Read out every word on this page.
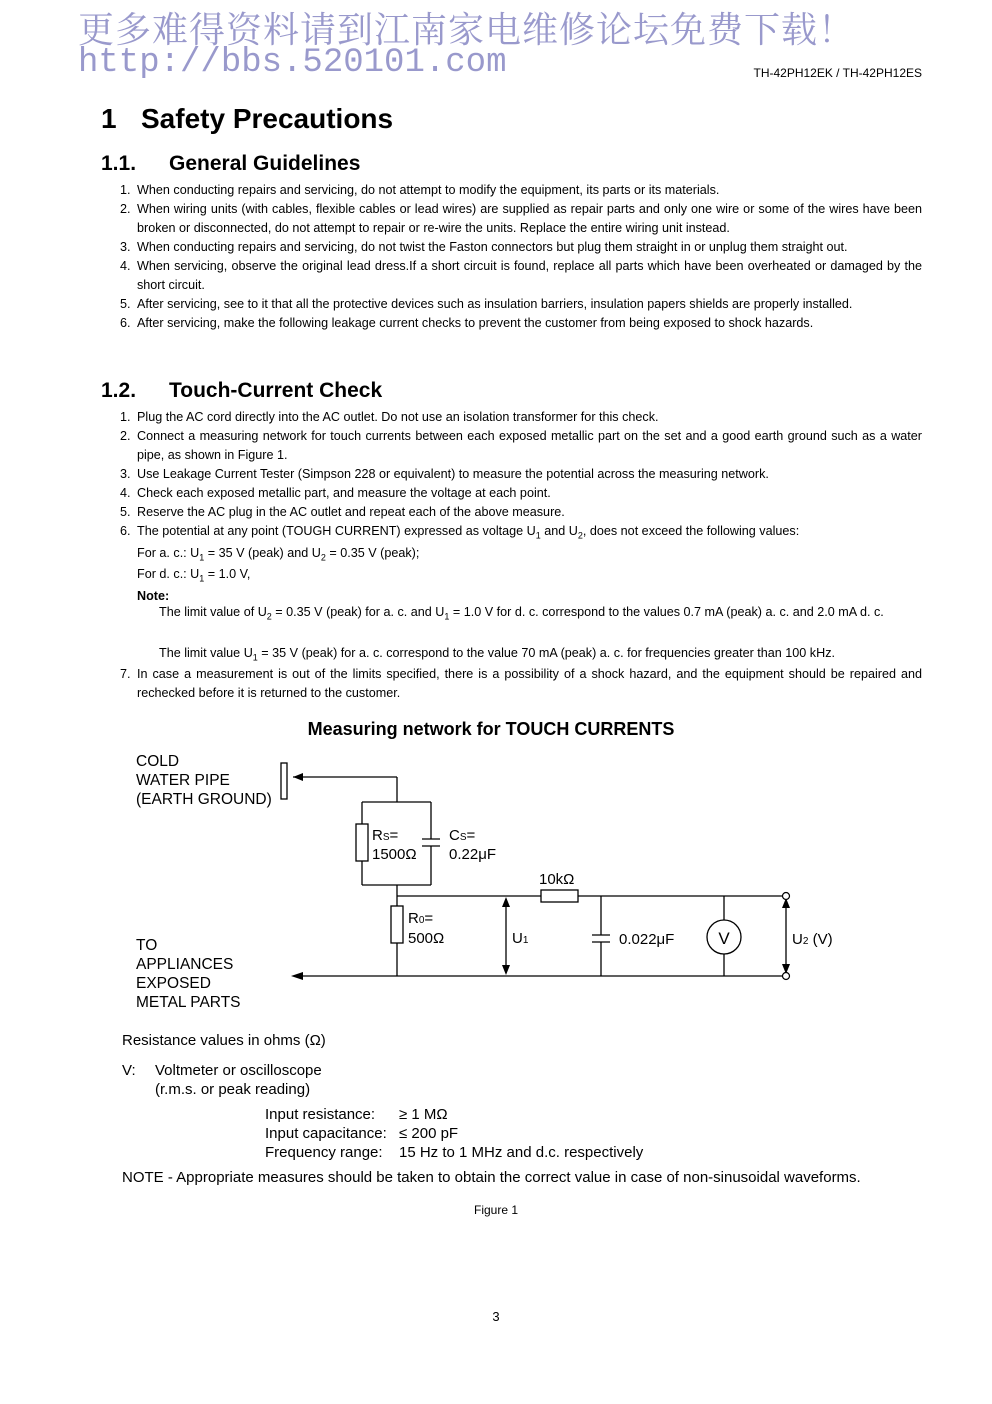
更多难得资料请到江南家电维修论坛免费下载！
http://bbs.520101.com	TH-42PH12EK / TH-42PH12ES
1 Safety Precautions
1.1. General Guidelines
1. When conducting repairs and servicing, do not attempt to modify the equipment, its parts or its materials.
2. When wiring units (with cables, flexible cables or lead wires) are supplied as repair parts and only one wire or some of the wires have been broken or disconnected, do not attempt to repair or re-wire the units. Replace the entire wiring unit instead.
3. When conducting repairs and servicing, do not twist the Faston connectors but plug them straight in or unplug them straight out.
4. When servicing, observe the original lead dress.If a short circuit is found, replace all parts which have been overheated or damaged by the short circuit.
5. After servicing, see to it that all the protective devices such as insulation barriers, insulation papers shields are properly installed.
6. After servicing, make the following leakage current checks to prevent the customer from being exposed to shock hazards.
1.2. Touch-Current Check
1. Plug the AC cord directly into the AC outlet. Do not use an isolation transformer for this check.
2. Connect a measuring network for touch currents between each exposed metallic part on the set and a good earth ground such as a water pipe, as shown in Figure 1.
3. Use Leakage Current Tester (Simpson 228 or equivalent) to measure the potential across the measuring network.
4. Check each exposed metallic part, and measure the voltage at each point.
5. Reserve the AC plug in the AC outlet and repeat each of the above measure.
6. The potential at any point (TOUGH CURRENT) expressed as voltage $U_1$ and $U_2$, does not exceed the following values:
For a. c.: $U_1 = 35$ V (peak) and $U_2 = 0.35$ V (peak);
For d. c.: $U_1 = 1.0$ V,
Note:
The limit value of $U_2 = 0.35$ V (peak) for a. c. and $U_1 = 1.0$ V for d. c. correspond to the values 0.7 mA (peak) a. c. and 2.0 mA d. c.
The limit value $U_1 = 35$ V (peak) for a. c. correspond to the value 70 mA (peak) a. c. for frequencies greater than 100 kHz.
7. In case a measurement is out of the limits specified, there is a possibility of a shock hazard, and the equipment should be repaired and rechecked before it is returned to the customer.
Measuring network for TOUCH CURRENTS
COLD
WATER PIPE
(EARTH GROUND)
TO
APPLIANCES
EXPOSED
METAL PARTS
RS=
1500Ω
CS=
0.22μF
10kΩ
R0=
500Ω	U1	0.022μF	V	U2 (V)
Resistance values in ohms (Ω)
V: Voltmeter or oscilloscope
(r.m.s. or peak reading)
Input resistance: ≥ 1 MΩ
Input capacitance: ≤ 200 pF
Frequency range: 15 Hz to 1 MHz and d.c. respectively
NOTE - Appropriate measures should be taken to obtain the correct value in case of non-sinusoidal waveforms.
Figure 1
3
